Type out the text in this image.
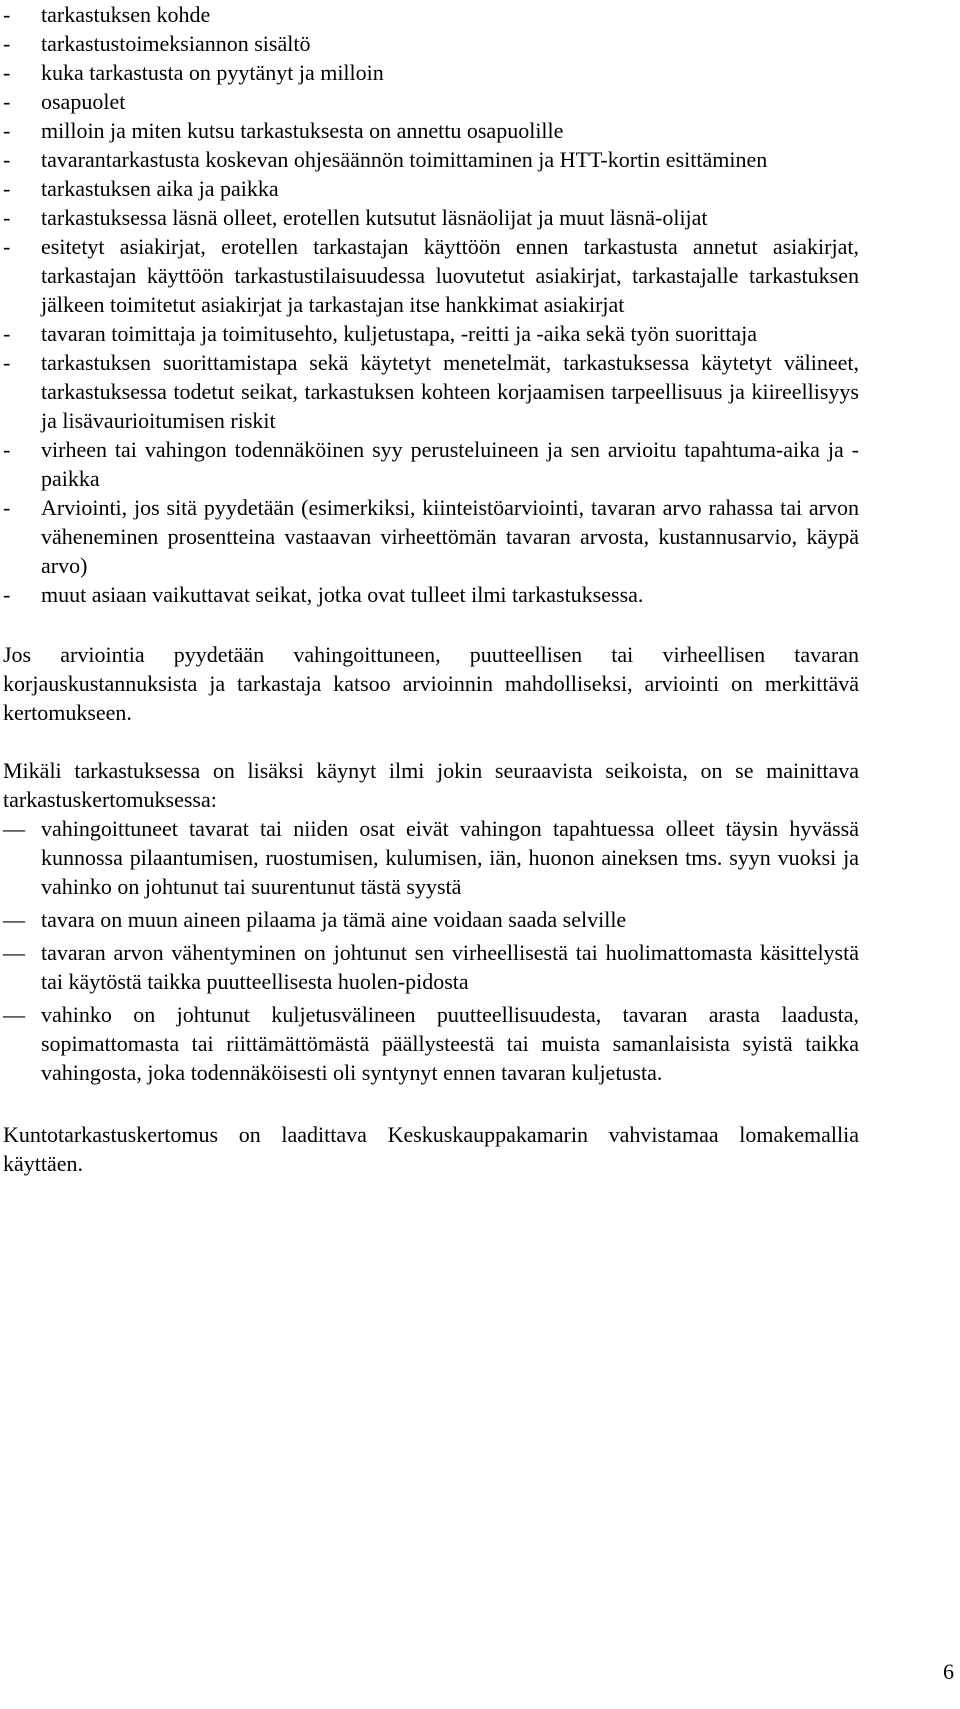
- tarkastuksen kohde
- tarkastustoimeksiannon sisältö
- kuka tarkastusta on pyytänyt ja milloin
- osapuolet
- milloin ja miten kutsu tarkastuksesta on annettu osapuolille
- tavarantarkastusta koskevan ohjesäännön toimittaminen ja HTT-kortin esittäminen
- tarkastuksen aika ja paikka
- tarkastuksessa läsnä olleet, erotellen kutsutut läsnäolijat ja muut läsnä-olijat
- esitetyt asiakirjat, erotellen tarkastajan käyttöön ennen tarkastusta annetut asiakirjat, tarkastajan käyttöön tarkastustilaisuudessa luovutetut asiakirjat, tarkastajalle tarkastuksen jälkeen toimitetut asiakirjat ja tarkastajan itse hankkimat asiakirjat
- tavaran toimittaja ja toimitusehto, kuljetustapa, -reitti ja -aika sekä työn suorittaja
- tarkastuksen suorittamistapa sekä käytetyt menetelmät, tarkastuksessa käytetyt välineet, tarkastuksessa todetut seikat, tarkastuksen kohteen korjaamisen tarpeellisuus ja kiireellisyys ja lisävaurioitumisen riskit
- virheen tai vahingon todennäköinen syy perusteluineen ja sen arvioitu tapahtuma-aika ja -paikka
- Arviointi, jos sitä pyydetään (esimerkiksi, kiinteistöarviointi, tavaran arvo rahassa tai arvon väheneminen prosentteina vastaavan virheettömän tavaran arvosta, kustannusarvio, käypä arvo)
- muut asiaan vaikuttavat seikat, jotka ovat tulleet ilmi tarkastuksessa.

Jos arviointia pyydetään vahingoittuneen, puutteellisen tai virheellisen tavaran korjauskustannuksista ja tarkastaja katsoo arvioinnin mahdolliseksi, arviointi on merkittävä kertomukseen.

Mikäli tarkastuksessa on lisäksi käynyt ilmi jokin seuraavista seikoista, on se mainittava tarkastuskertomuksessa:

— vahingoittuneet tavarat tai niiden osat eivät vahingon tapahtuessa olleet täysin hyvässä kunnossa pilaantumisen, ruostumisen, kulumisen, iän, huonon aineksen tms. syyn vuoksi ja vahinko on johtunut tai suurentunut tästä syystä
— tavara on muun aineen pilaama ja tämä aine voidaan saada selville
— tavaran arvon vähentyminen on johtunut sen virheellisestä tai huolimattomasta käsittelystä tai käytöstä taikka puutteellisesta huolen-pidosta
— vahinko on johtunut kuljetusvälineen puutteellisuudesta, tavaran arasta laadusta, sopimattomasta tai riittämättömästä päällysteestä tai muista samanlaisista syistä taikka vahingosta, joka todennäköisesti oli syntynyt ennen tavaran kuljetusta.

Kuntotarkastuskertomus on laadittava Keskuskauppakamarin vahvistamaa lomakemallia käyttäen.

6
